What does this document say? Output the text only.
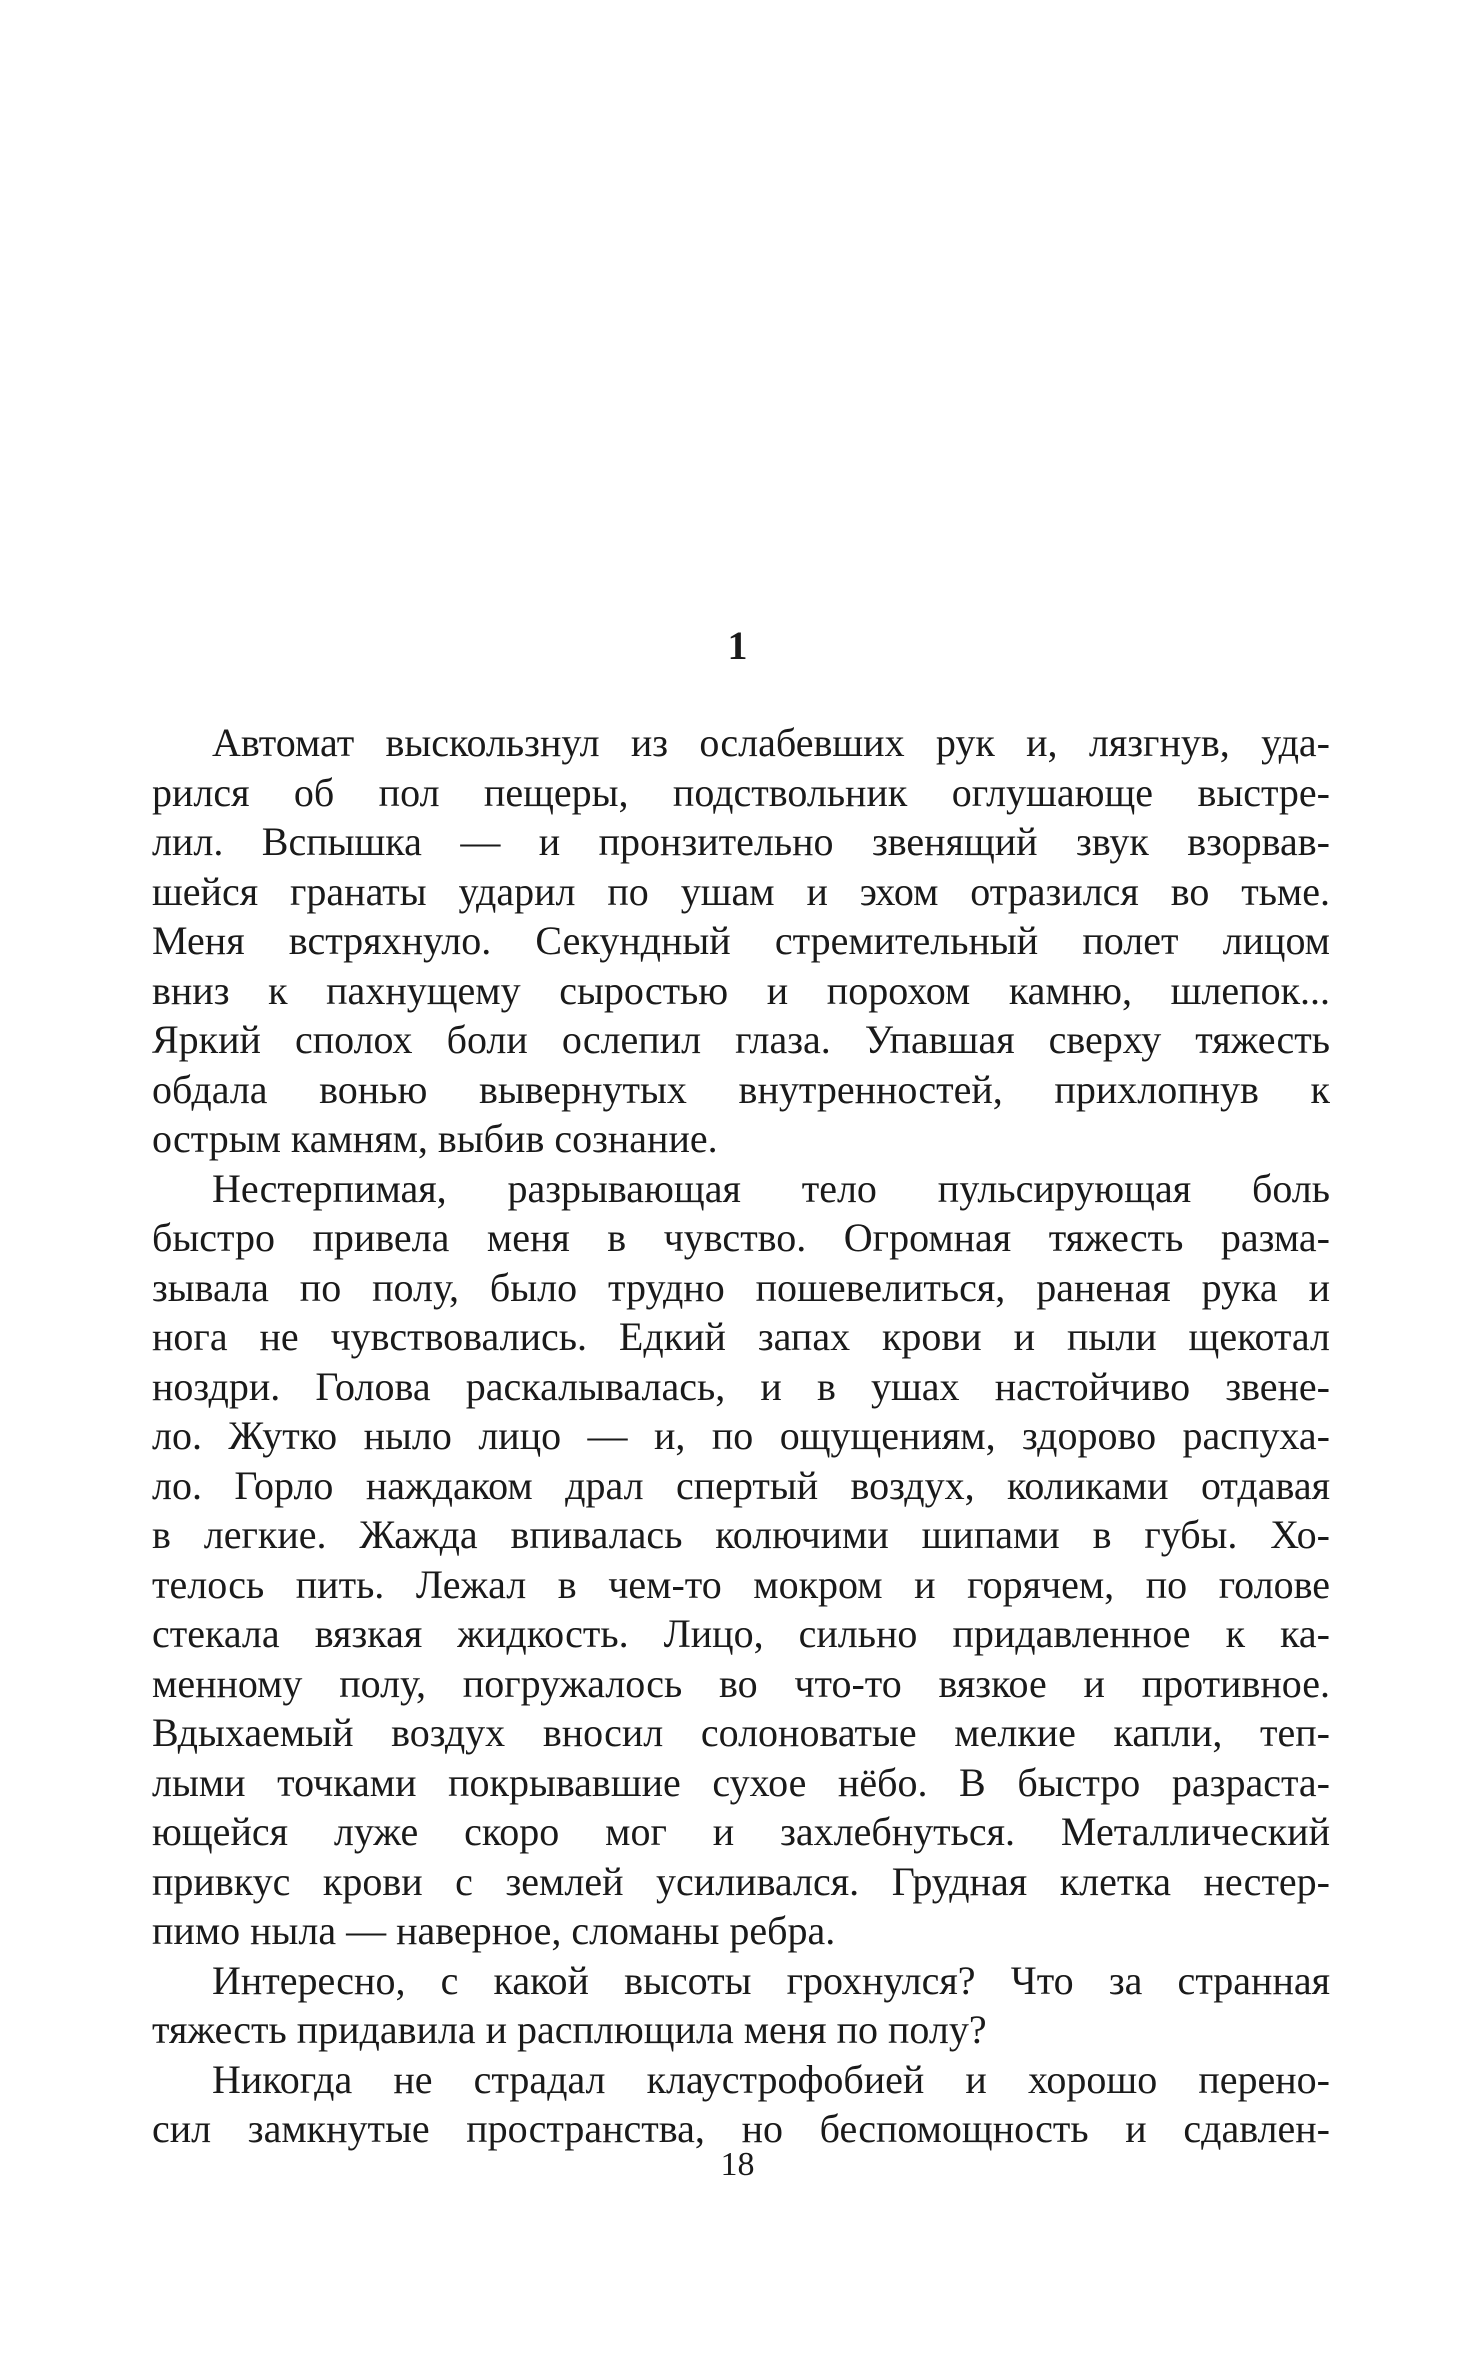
1
Автомат выскользнул из ослабевших рук и, лязгнув, уда-
рился об пол пещеры, подствольник оглушающе выстре-
лил. Вспышка — и пронзительно звенящий звук взорвав-
шейся гранаты ударил по ушам и эхом отразился во тьме.
Меня встряхнуло. Секундный стремительный полет лицом
вниз к пахнущему сыростью и порохом камню, шлепок...
Яркий сполох боли ослепил глаза. Упавшая сверху тяжесть
обдала вонью вывернутых внутренностей, прихлопнув к
острым камням, выбив сознание.
Нестерпимая, разрывающая тело пульсирующая боль
быстро привела меня в чувство. Огромная тяжесть разма-
зывала по полу, было трудно пошевелиться, раненая рука и
нога не чувствовались. Едкий запах крови и пыли щекотал
ноздри. Голова раскалывалась, и в ушах настойчиво звене-
ло. Жутко ныло лицо — и, по ощущениям, здорово распуха-
ло. Горло наждаком драл спертый воздух, коликами отдавая
в легкие. Жажда впивалась колючими шипами в губы. Хо-
телось пить. Лежал в чем-то мокром и горячем, по голове
стекала вязкая жидкость. Лицо, сильно придавленное к ка-
менному полу, погружалось во что-то вязкое и противное.
Вдыхаемый воздух вносил солоноватые мелкие капли, теп-
лыми точками покрывавшие сухое нёбо. В быстро разраста-
ющейся луже скоро мог и захлебнуться. Металлический
привкус крови с землей усиливался. Грудная клетка нестер-
пимо ныла — наверное, сломаны ребра.
Интересно, с какой высоты грохнулся? Что за странная
тяжесть придавила и расплющила меня по полу?
Никогда не страдал клаустрофобией и хорошо перено-
сил замкнутые пространства, но беспомощность и сдавлен-
18
